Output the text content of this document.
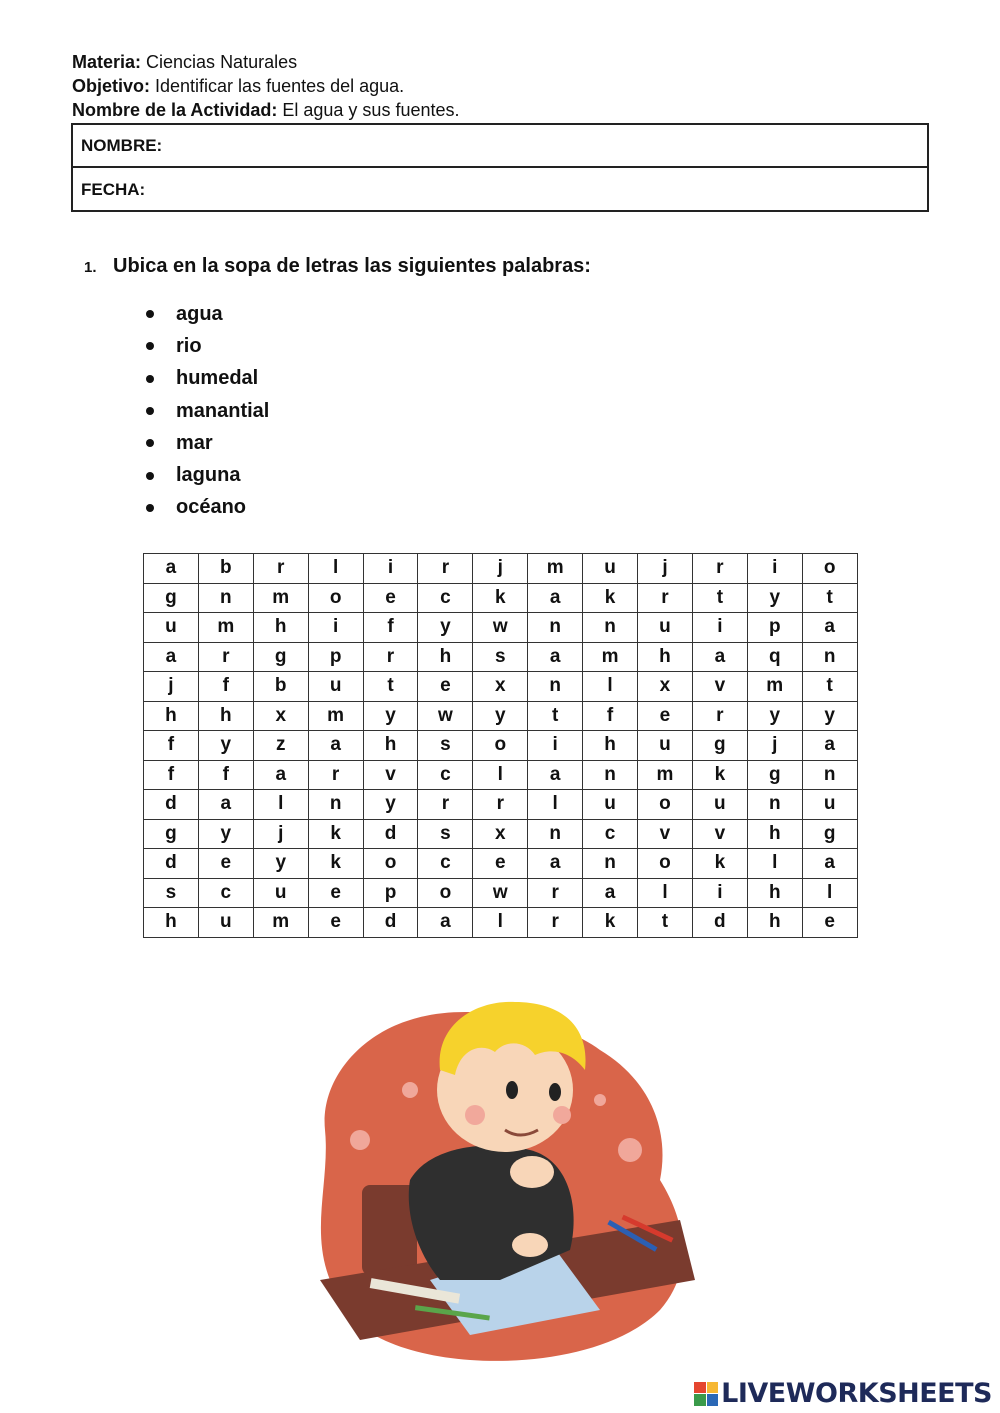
Materia: Ciencias Naturales
Objetivo: Identificar las fuentes del agua.
Nombre de la Actividad: El agua y sus fuentes.
NOMBRE:
FECHA:
1. Ubica en la sopa de letras las siguientes palabras:
agua
rio
humedal
manantial
mar
laguna
océano
a	b	r	l	i	r	j	m	u	j	r	i	o
g	n	m	o	e	c	k	a	k	r	t	y	t
u	m	h	i	f	y	w	n	n	u	i	p	a
a	r	g	p	r	h	s	a	m	h	a	q	n
j	f	b	u	t	e	x	n	l	x	v	m	t
h	h	x	m	y	w	y	t	f	e	r	y	y
f	y	z	a	h	s	o	i	h	u	g	j	a
f	f	a	r	v	c	l	a	n	m	k	g	n
d	a	l	n	y	r	r	l	u	o	u	n	u
g	y	j	k	d	s	x	n	c	v	v	h	g
d	e	y	k	o	c	e	a	n	o	k	l	a
s	c	u	e	p	o	w	r	a	l	i	h	l
h	u	m	e	d	a	l	r	k	t	d	h	e
LIVEWORKSHEETS
